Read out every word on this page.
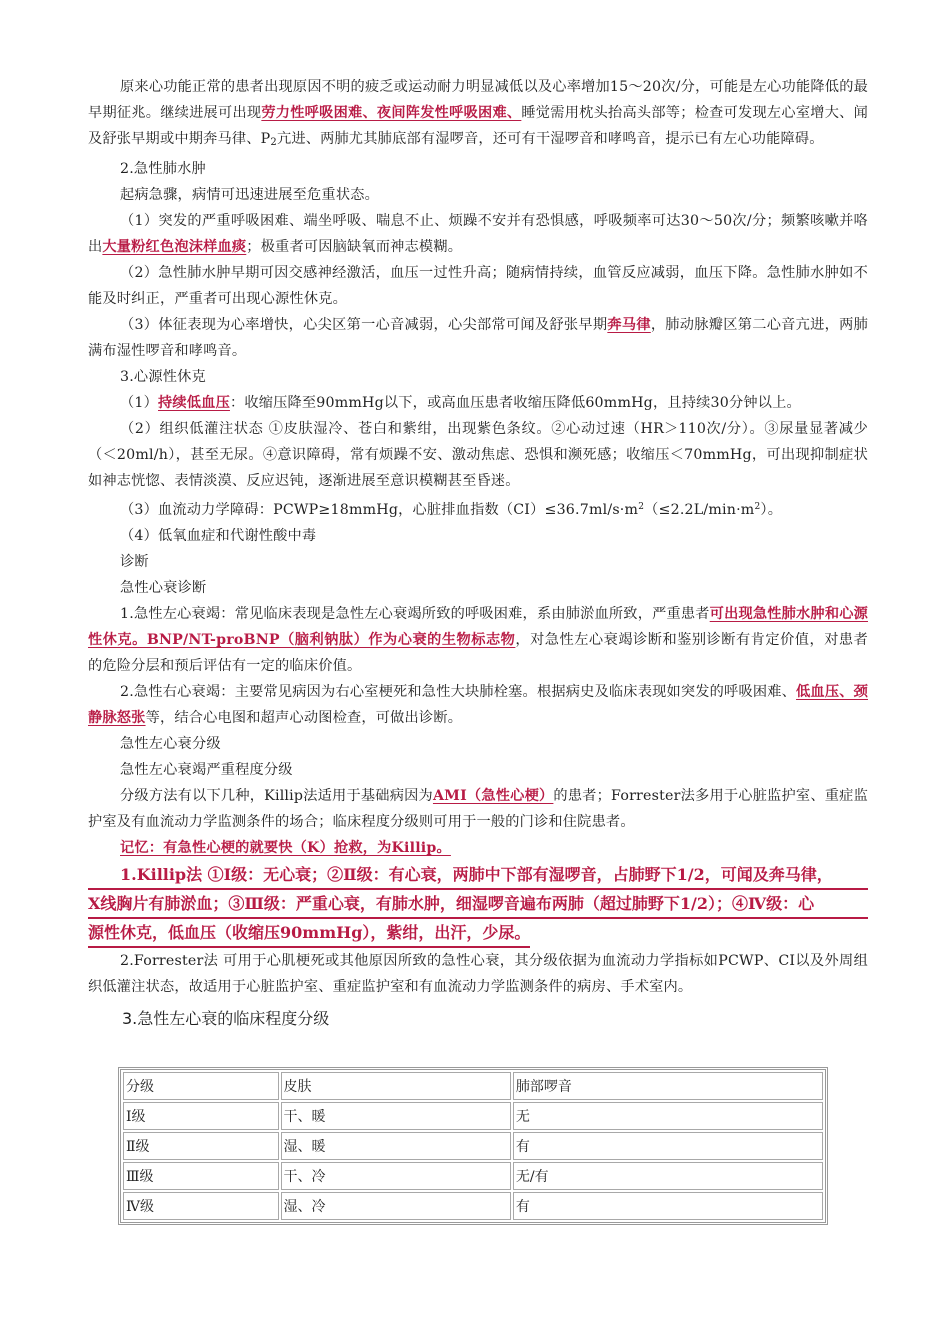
原来心功能正常的患者出现原因不明的疲乏或运动耐力明显减低以及心率增加15～20次/分，可能是左心功能降低的最早期征兆。继续进展可出现劳力性呼吸困难、夜间阵发性呼吸困难、睡觉需用枕头抬高头部等；检查可发现左心室增大、闻及舒张早期或中期奔马律、$P_2$亢进、两肺尤其肺底部有湿啰音，还可有干湿啰音和哮鸣音，提示已有左心功能障碍。

2.急性肺水肿

起病急骤，病情可迅速进展至危重状态。

（1）突发的严重呼吸困难、端坐呼吸、喘息不止、烦躁不安并有恐惧感，呼吸频率可达30～50次/分；频繁咳嗽并咯出大量粉红色泡沫样血痰；极重者可因脑缺氧而神志模糊。

（2）急性肺水肿早期可因交感神经激活，血压一过性升高；随病情持续，血管反应减弱，血压下降。急性肺水肿如不能及时纠正，严重者可出现心源性休克。

（3）体征表现为心率增快，心尖区第一心音减弱，心尖部常可闻及舒张早期奔马律，肺动脉瓣区第二心音亢进，两肺满布湿性啰音和哮鸣音。

3.心源性休克

（1）持续低血压：收缩压降至90mmHg以下，或高血压患者收缩压降低60mmHg，且持续30分钟以上。

（2）组织低灌注状态 ①皮肤湿冷、苍白和紫绀，出现紫色条纹。②心动过速（HR＞110次/分）。③尿量显著减少（＜20ml/h），甚至无尿。④意识障碍，常有烦躁不安、激动焦虑、恐惧和濒死感；收缩压＜70mmHg，可出现抑制症状如神志恍惚、表情淡漠、反应迟钝，逐渐进展至意识模糊甚至昏迷。

（3）血流动力学障碍：PCWP≥18mmHg，心脏排血指数$(CI)\le 36.7ml/s\cdot m^2(\le 2.2L/\min\cdot m^2)$。

（4）低氧血症和代谢性酸中毒

诊断

急性心衰诊断

1.急性左心衰竭：常见临床表现是急性左心衰竭所致的呼吸困难，系由肺淤血所致，严重患者可出现急性肺水肿和心源性休克。BNP/NT-proBNP（脑利钠肽）作为心衰的生物标志物，对急性左心衰竭诊断和鉴别诊断有肯定价值，对患者的危险分层和预后评估有一定的临床价值。

2.急性右心衰竭：主要常见病因为右心室梗死和急性大块肺栓塞。根据病史及临床表现如突发的呼吸困难、低血压、颈静脉怒张等，结合心电图和超声心动图检查，可做出诊断。

急性左心衰分级

急性左心衰竭严重程度分级

分级方法有以下几种，Killip法适用于基础病因为AMI（急性心梗）的患者；Forrester法多用于心脏监护室、重症监护室及有血流动力学监测条件的场合；临床程度分级则可用于一般的门诊和住院患者。

记忆：有急性心梗的就要快（K）抢救，为Killip。

1.Killip法 ①Ⅰ级：无心衰；②Ⅱ级：有心衰，两肺中下部有湿啰音，占肺野下1/2，可闻及奔马律，
X线胸片有肺淤血；③Ⅲ级：严重心衰，有肺水肿，细湿啰音遍布两肺（超过肺野下1/2）；④Ⅳ级：心
源性休克，低血压（收缩压90mmHg），紫绀，出汗，少尿。

2.Forrester法 可用于心肌梗死或其他原因所致的急性心衰，其分级依据为血流动力学指标如PCWP、CI以及外周组织低灌注状态，故适用于心脏监护室、重症监护室和有血流动力学监测条件的病房、手术室内。

3.急性左心衰的临床程度分级
分级	皮肤	肺部啰音
Ⅰ级	干、暖	无
Ⅱ级	湿、暖	有
Ⅲ级	干、冷	无/有
Ⅳ级	湿、冷	有
